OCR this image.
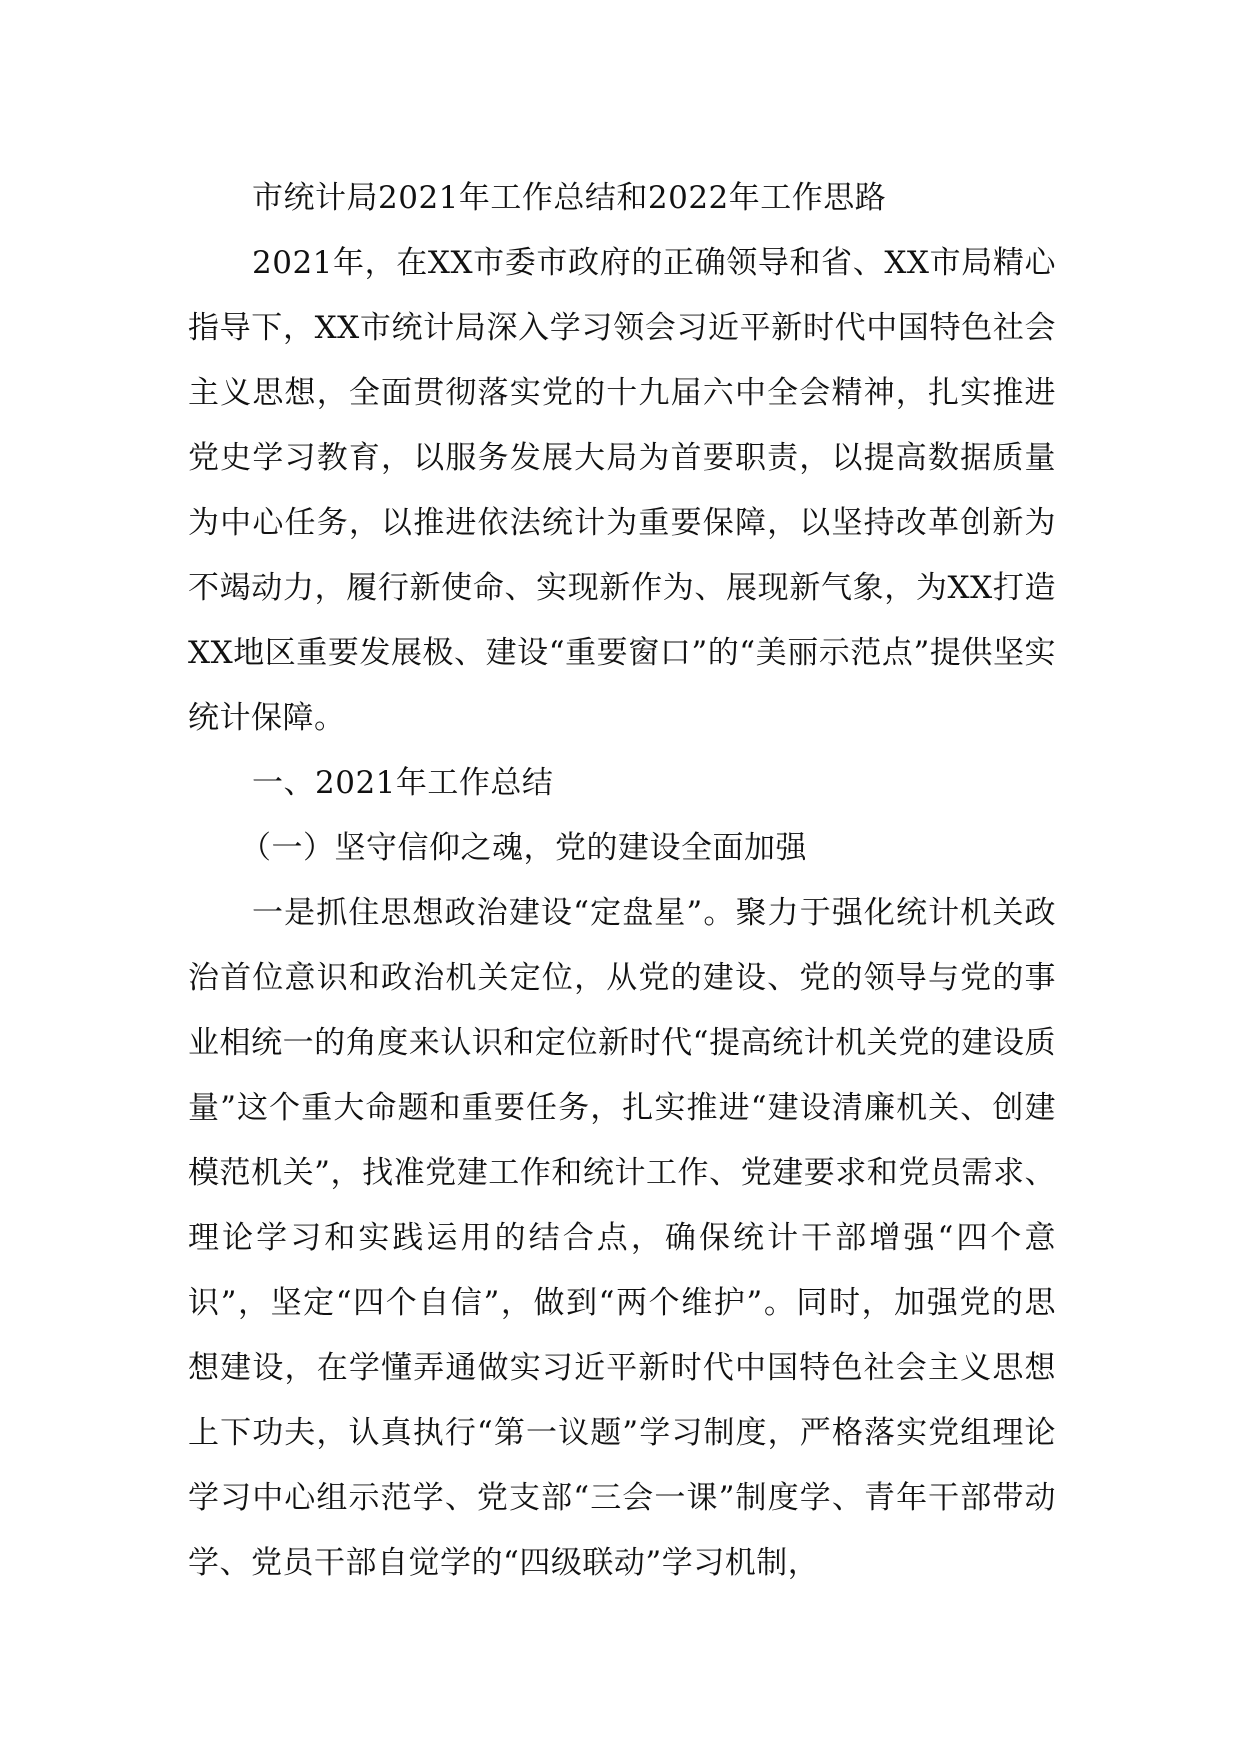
市统计局2021年工作总结和2022年工作思路

2021年，在XX市委市政府的正确领导和省、XX市局精心指导下，XX市统计局深入学习领会习近平新时代中国特色社会主义思想，全面贯彻落实党的十九届六中全会精神，扎实推进党史学习教育，以服务发展大局为首要职责，以提高数据质量为中心任务，以推进依法统计为重要保障，以坚持改革创新为不竭动力，履行新使命、实现新作为、展现新气象，为XX打造XX地区重要发展极、建设“重要窗口”的“美丽示范点”提供坚实统计保障。

一、2021年工作总结

（一）坚守信仰之魂，党的建设全面加强

一是抓住思想政治建设“定盘星”。聚力于强化统计机关政治首位意识和政治机关定位，从党的建设、党的领导与党的事业相统一的角度来认识和定位新时代“提高统计机关党的建设质量”这个重大命题和重要任务，扎实推进“建设清廉机关、创建模范机关”，找准党建工作和统计工作、党建要求和党员需求、理论学习和实践运用的结合点，确保统计干部增强“四个意识”，坚定“四个自信”，做到“两个维护”。同时，加强党的思想建设，在学懂弄通做实习近平新时代中国特色社会主义思想上下功夫，认真执行“第一议题”学习制度，严格落实党组理论学习中心组示范学、党支部“三会一课”制度学、青年干部带动学、党员干部自觉学的“四级联动”学习机制，
